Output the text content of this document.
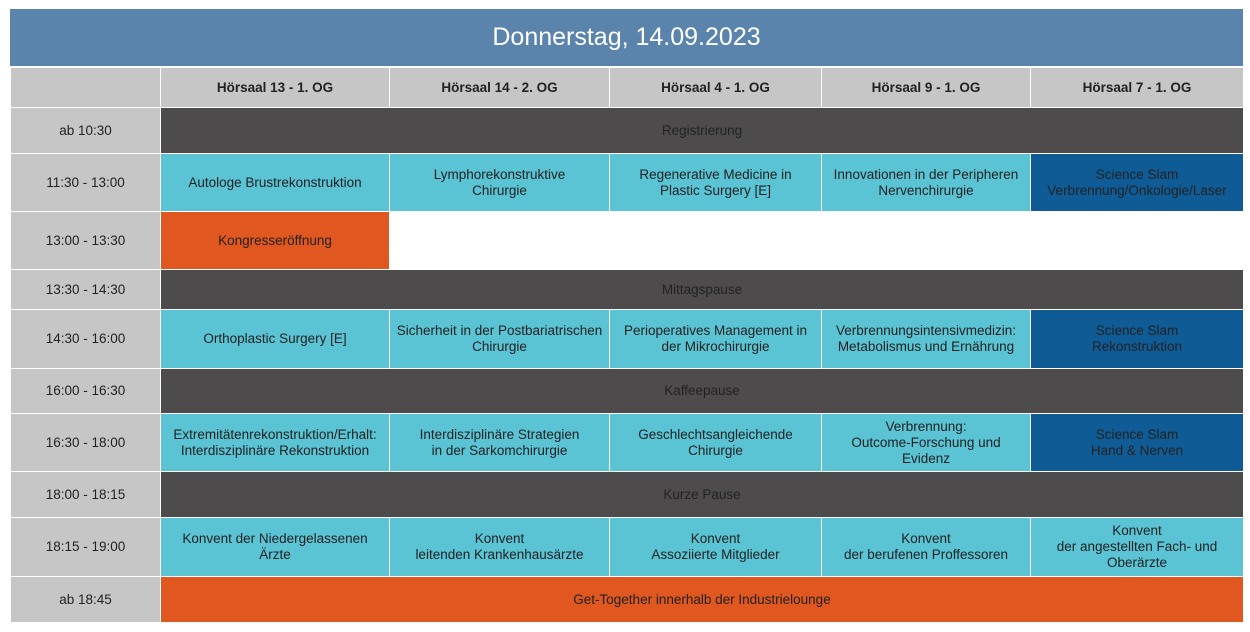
Donnerstag, 14.09.2023
	Hörsaal 13 - 1. OG	Hörsaal 14 - 2. OG	Hörsaal 4 - 1. OG	Hörsaal 9 - 1. OG	Hörsaal 7 - 1. OG
ab 10:30	Registrierung				
11:30 - 13:00	Autologe Brustrekonstruktion	Lymphorekonstruktive
Chirurgie	Regenerative Medicine in
Plastic Surgery [E]	Innovationen in der Peripheren
Nervenchirurgie	Science Slam
Verbrennung/Onkologie/Laser

13:00 - 13:30	Kongresseröffnung				

13:30 - 14:30	Mittagspause				
14:30 - 16:00	Orthoplastic Surgery [E]	Sicherheit in der Postbariatrischen
Chirurgie	Perioperatives Management in
der Mikrochirurgie	Verbrennungsintensivmedizin:
Metabolismus und Ernährung	Science Slam
Rekonstruktion

16:00 - 16:30	Kaffeepause				
16:30 - 18:00	Extremitätenrekonstruktion/Erhalt:
Interdisziplinäre Rekonstruktion	Interdisziplinäre Strategien
in der Sarkomchirurgie	Geschlechtsangleichende
Chirurgie	Verbrennung:
Outcome-Forschung und Evidenz	Science Slam
Hand & Nerven

18:00 - 18:15	Kurze Pause				
18:15 - 19:00	Konvent der Niedergelassenen Ärzte	Konvent
leitenden Krankenhausärzte	Konvent
Assoziierte Mitglieder	Konvent
der berufenen Proffessoren	Konvent
der angestellten Fach- und
Oberärzte

ab 18:45	Get-Together innerhalb der Industrielounge				
